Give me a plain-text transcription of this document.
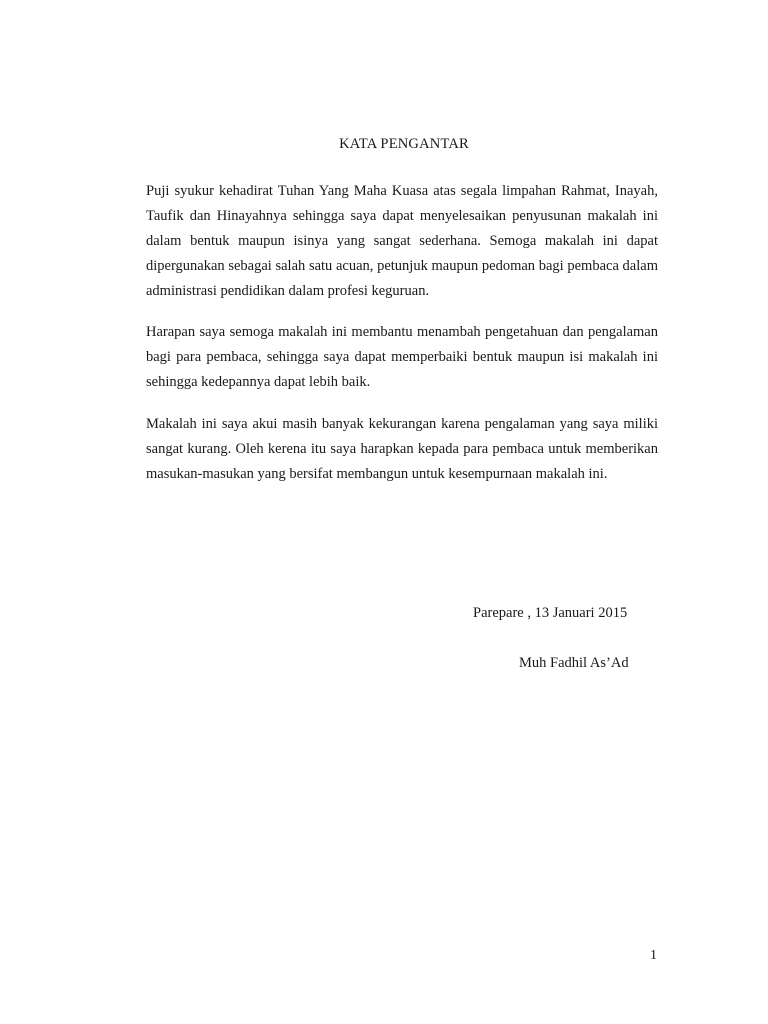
KATA PENGANTAR

Puji syukur kehadirat Tuhan Yang Maha Kuasa atas segala limpahan Rahmat, Inayah, Taufik dan Hinayahnya sehingga saya dapat menyelesaikan penyusunan makalah ini dalam bentuk maupun isinya yang sangat sederhana. Semoga makalah ini dapat dipergunakan sebagai salah satu acuan, petunjuk maupun pedoman bagi pembaca dalam administrasi pendidikan dalam profesi keguruan.

Harapan saya semoga makalah ini membantu menambah pengetahuan dan pengalaman bagi para pembaca, sehingga saya dapat memperbaiki bentuk maupun isi makalah ini sehingga kedepannya dapat lebih baik.

Makalah ini saya akui masih banyak kekurangan karena pengalaman yang saya miliki sangat kurang. Oleh kerena itu saya harapkan kepada para pembaca untuk memberikan masukan-masukan yang bersifat membangun untuk kesempurnaan makalah ini.

Parepare , 13 Januari 2015
Muh Fadhil As’Ad
1
